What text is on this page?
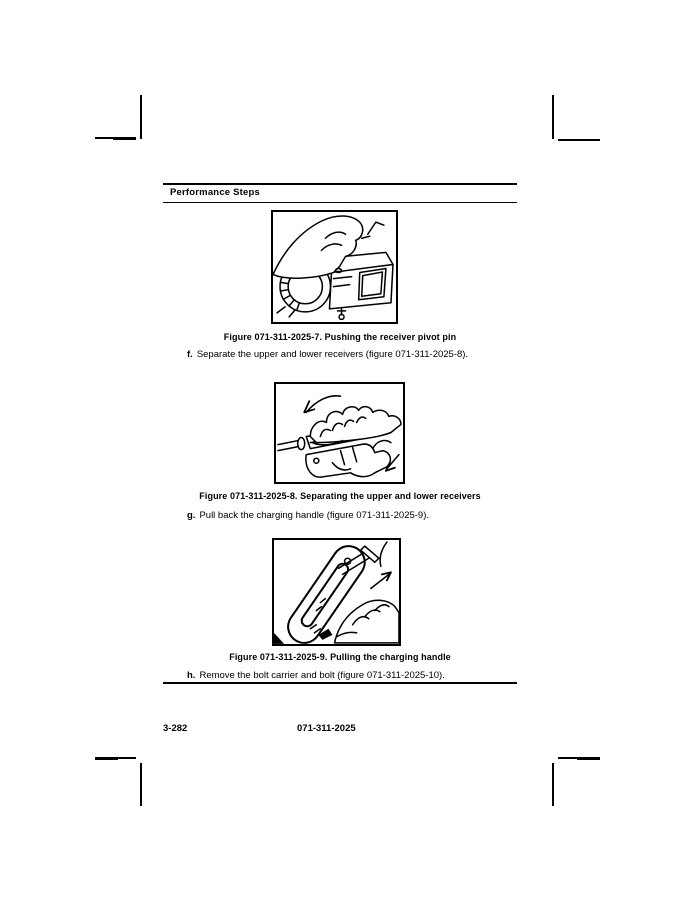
Performance Steps
Figure 071-311-2025-7. Pushing the receiver pivot pin
f. Separate the upper and lower receivers (figure 071-311-2025-8).
Figure 071-311-2025-8. Separating the upper and lower receivers
g. Pull back the charging handle (figure 071-311-2025-9).
Figure 071-311-2025-9. Pulling the charging handle
h. Remove the bolt carrier and bolt (figure 071-311-2025-10).
3-282	071-311-2025
